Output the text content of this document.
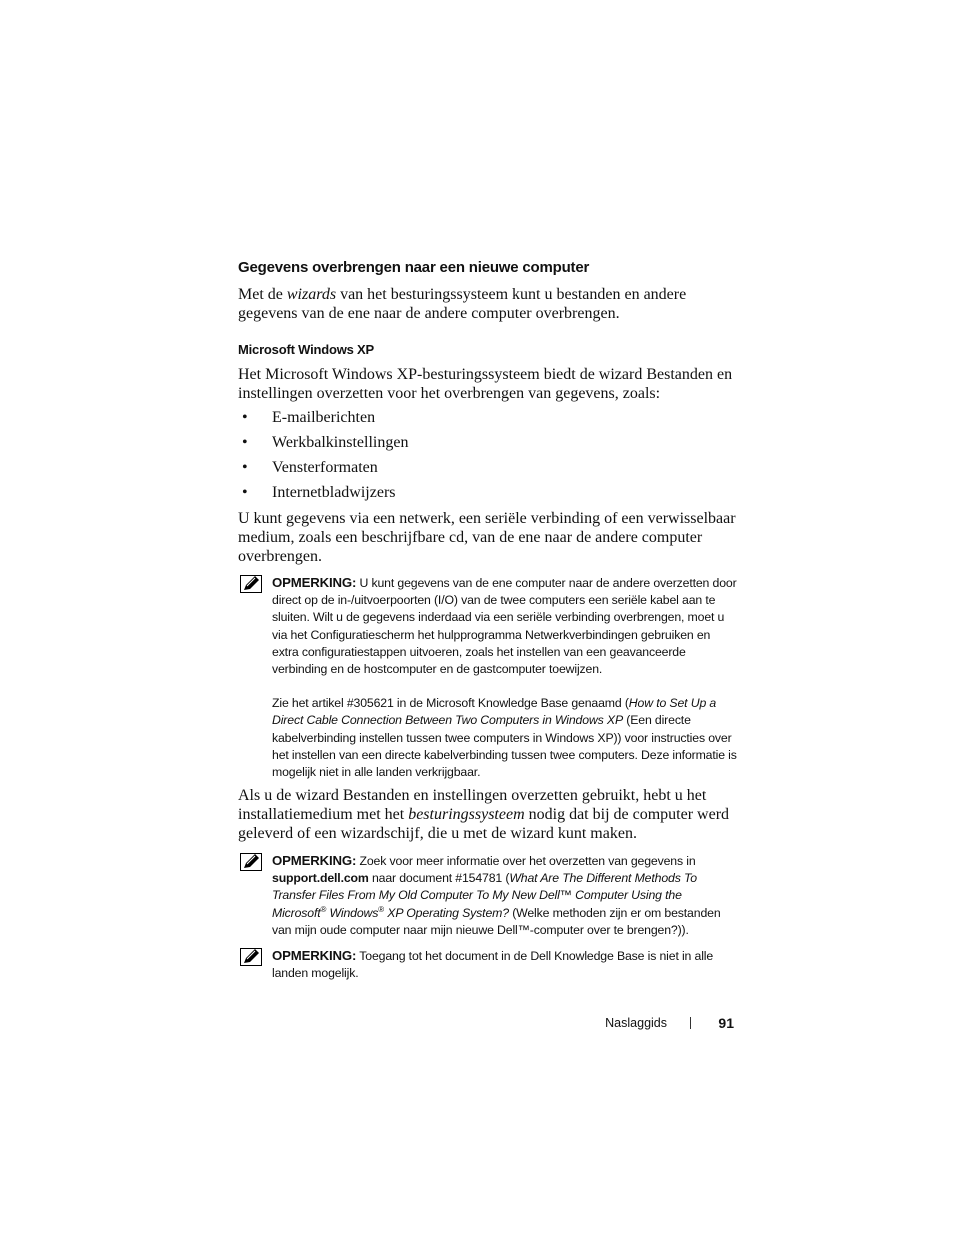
Gegevens overbrengen naar een nieuwe computer
Met de wizards van het besturingssysteem kunt u bestanden en andere gegevens van de ene naar de andere computer overbrengen.
Microsoft Windows XP
Het Microsoft Windows XP-besturingssysteem biedt de wizard Bestanden en instellingen overzetten voor het overbrengen van gegevens, zoals:
• E-mailberichten
• Werkbalkinstellingen
• Vensterformaten
• Internetbladwijzers
U kunt gegevens via een netwerk, een seriële verbinding of een verwisselbaar medium, zoals een beschrijfbare cd, van de ene naar de andere computer overbrengen.
OPMERKING: U kunt gegevens van de ene computer naar de andere overzetten door direct op de in-/uitvoerpoorten (I/O) van de twee computers een seriële kabel aan te sluiten. Wilt u de gegevens inderdaad via een seriële verbinding overbrengen, moet u via het Configuratiescherm het hulpprogramma Netwerkverbindingen gebruiken en extra configuratiestappen uitvoeren, zoals het instellen van een geavanceerde verbinding en de hostcomputer en de gastcomputer toewijzen.
Zie het artikel #305621 in de Microsoft Knowledge Base genaamd (How to Set Up a Direct Cable Connection Between Two Computers in Windows XP (Een directe kabelverbinding instellen tussen twee computers in Windows XP)) voor instructies over het instellen van een directe kabelverbinding tussen twee computers. Deze informatie is mogelijk niet in alle landen verkrijgbaar.
Als u de wizard Bestanden en instellingen overzetten gebruikt, hebt u het installatiemedium met het besturingssysteem nodig dat bij de computer werd geleverd of een wizardschijf, die u met de wizard kunt maken.
OPMERKING: Zoek voor meer informatie over het overzetten van gegevens in support.dell.com naar document #154781 (What Are The Different Methods To Transfer Files From My Old Computer To My New Dell™ Computer Using the Microsoft® Windows® XP Operating System? (Welke methoden zijn er om bestanden van mijn oude computer naar mijn nieuwe Dell™-computer over te brengen?)).
OPMERKING: Toegang tot het document in de Dell Knowledge Base is niet in alle landen mogelijk.
Naslaggids	91
